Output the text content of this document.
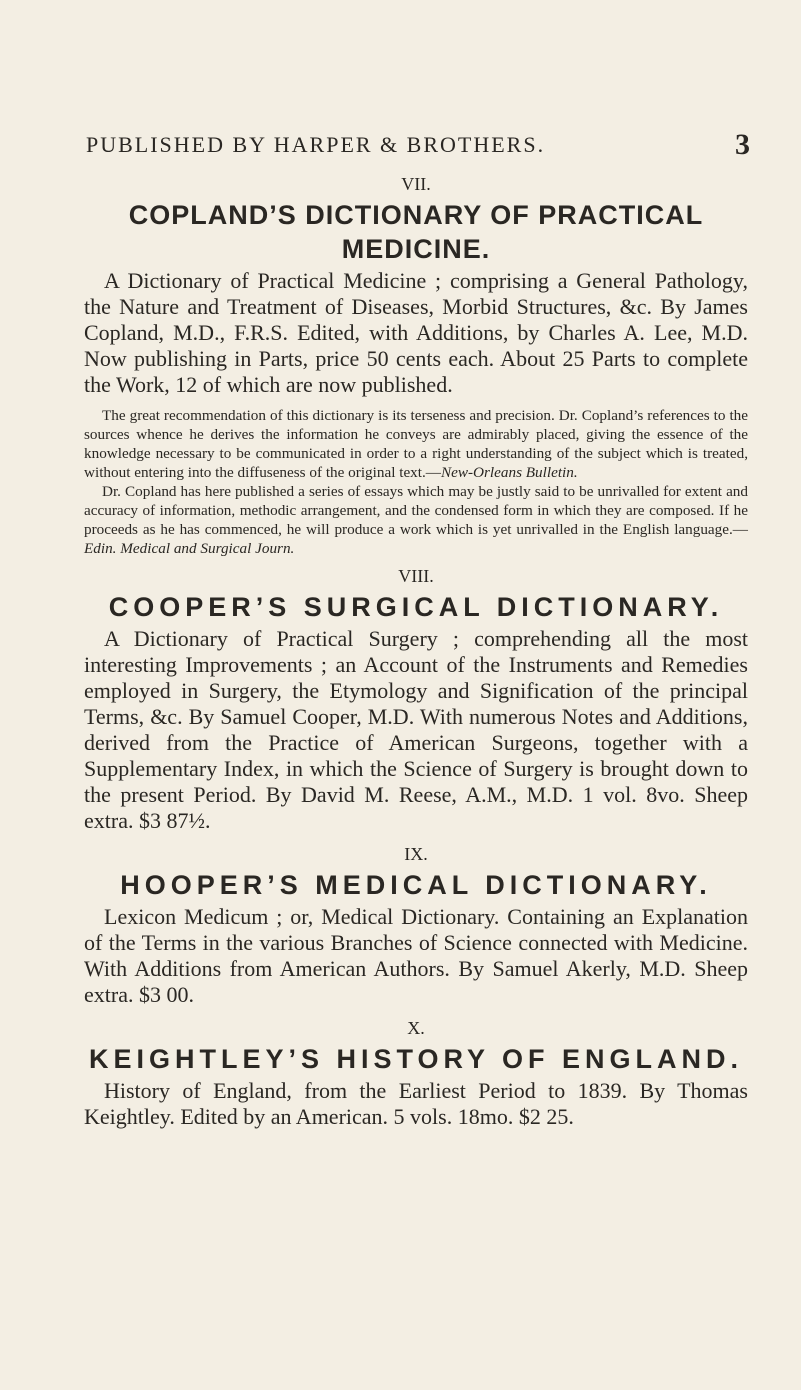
PUBLISHED BY HARPER & BROTHERS.	3
VII.
COPLAND’S DICTIONARY OF PRACTICAL MEDICINE.

A Dictionary of Practical Medicine ; comprising a General Pathology, the Nature and Treatment of Diseases, Morbid Structures, &c. By James Copland, M.D., F.R.S. Edited, with Additions, by Charles A. Lee, M.D. Now publishing in Parts, price 50 cents each. About 25 Parts to complete the Work, 12 of which are now published.

The great recommendation of this dictionary is its terseness and precision. Dr. Copland’s references to the sources whence he derives the information he conveys are admirably placed, giving the essence of the knowledge necessary to be communicated in order to a right understanding of the subject which is treated, without entering into the diffuseness of the original text.—New-Orleans Bulletin.

Dr. Copland has here published a series of essays which may be justly said to be unrivalled for extent and accuracy of information, methodic arrangement, and the condensed form in which they are composed. If he proceeds as he has commenced, he will produce a work which is yet unrivalled in the English language.—Edin. Medical and Surgical Journ.

VIII.
COOPER’S SURGICAL DICTIONARY.

A Dictionary of Practical Surgery ; comprehending all the most interesting Improvements ; an Account of the Instruments and Remedies employed in Surgery, the Etymology and Signification of the principal Terms, &c. By Samuel Cooper, M.D. With numerous Notes and Additions, derived from the Practice of American Surgeons, together with a Supplementary Index, in which the Science of Surgery is brought down to the present Period. By David M. Reese, A.M., M.D. 1 vol. 8vo. Sheep extra. $3 87½.

IX.
HOOPER’S MEDICAL DICTIONARY.

Lexicon Medicum ; or, Medical Dictionary. Containing an Explanation of the Terms in the various Branches of Science connected with Medicine. With Additions from American Authors. By Samuel Akerly, M.D. Sheep extra. $3 00.

X.
KEIGHTLEY’S HISTORY OF ENGLAND.

History of England, from the Earliest Period to 1839. By Thomas Keightley. Edited by an American. 5 vols. 18mo. $2 25.
